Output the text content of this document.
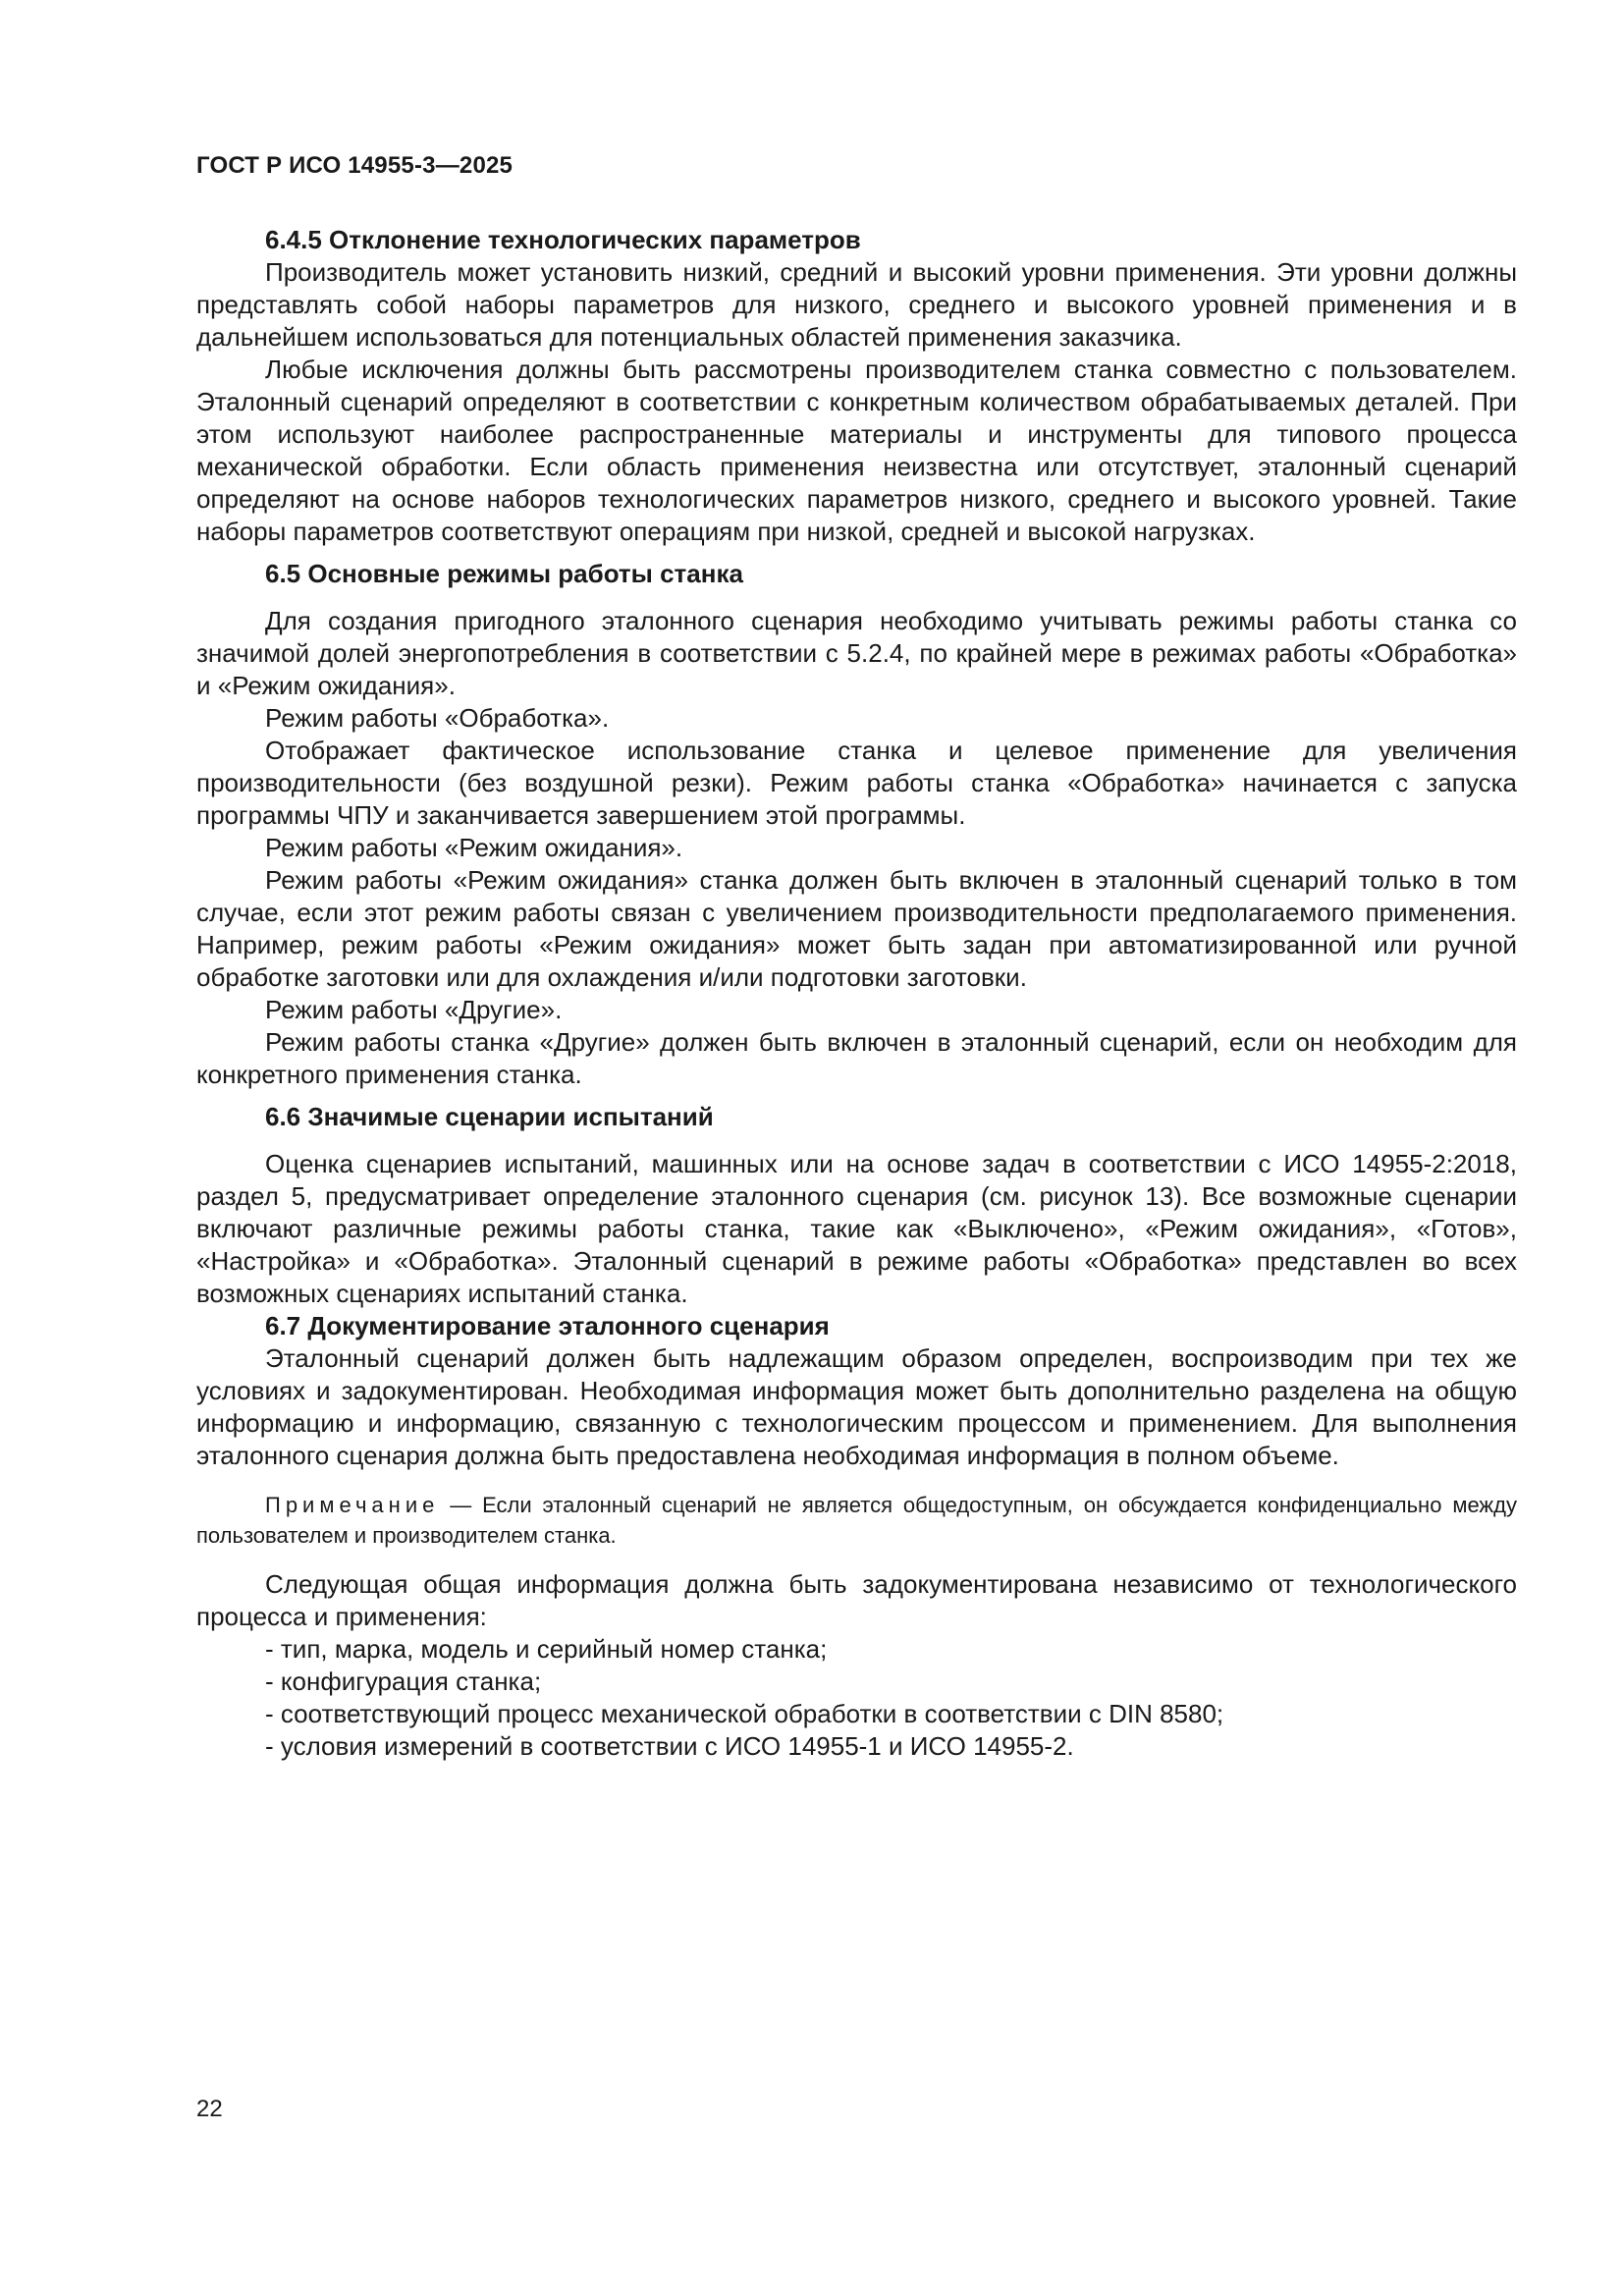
ГОСТ Р ИСО 14955-3—2025

6.4.5 Отклонение технологических параметров

Производитель может установить низкий, средний и высокий уровни применения. Эти уровни должны представлять собой наборы параметров для низкого, среднего и высокого уровней применения и в дальнейшем использоваться для потенциальных областей применения заказчика.

Любые исключения должны быть рассмотрены производителем станка совместно с пользователем. Эталонный сценарий определяют в соответствии с конкретным количеством обрабатываемых деталей. При этом используют наиболее распространенные материалы и инструменты для типового процесса механической обработки. Если область применения неизвестна или отсутствует, эталонный сценарий определяют на основе наборов технологических параметров низкого, среднего и высокого уровней. Такие наборы параметров соответствуют операциям при низкой, средней и высокой нагрузках.

6.5 Основные режимы работы станка

Для создания пригодного эталонного сценария необходимо учитывать режимы работы станка со значимой долей энергопотребления в соответствии с 5.2.4, по крайней мере в режимах работы «Обработка» и «Режим ожидания».

Режим работы «Обработка».

Отображает фактическое использование станка и целевое применение для увеличения производительности (без воздушной резки). Режим работы станка «Обработка» начинается с запуска программы ЧПУ и заканчивается завершением этой программы.

Режим работы «Режим ожидания».

Режим работы «Режим ожидания» станка должен быть включен в эталонный сценарий только в том случае, если этот режим работы связан с увеличением производительности предполагаемого применения. Например, режим работы «Режим ожидания» может быть задан при автоматизированной или ручной обработке заготовки или для охлаждения и/или подготовки заготовки.

Режим работы «Другие».

Режим работы станка «Другие» должен быть включен в эталонный сценарий, если он необходим для конкретного применения станка.

6.6 Значимые сценарии испытаний

Оценка сценариев испытаний, машинных или на основе задач в соответствии с ИСО 14955-2:2018, раздел 5, предусматривает определение эталонного сценария (см. рисунок 13). Все возможные сценарии включают различные режимы работы станка, такие как «Выключено», «Режим ожидания», «Готов», «Настройка» и «Обработка». Эталонный сценарий в режиме работы «Обработка» представлен во всех возможных сценариях испытаний станка.

6.7 Документирование эталонного сценария

Эталонный сценарий должен быть надлежащим образом определен, воспроизводим при тех же условиях и задокументирован. Необходимая информация может быть дополнительно разделена на общую информацию и информацию, связанную с технологическим процессом и применением. Для выполнения эталонного сценария должна быть предоставлена необходимая информация в полном объеме.

Примечание — Если эталонный сценарий не является общедоступным, он обсуждается конфиденциально между пользователем и производителем станка.

Следующая общая информация должна быть задокументирована независимо от технологического процесса и применения:

- тип, марка, модель и серийный номер станка;
- конфигурация станка;
- соответствующий процесс механической обработки в соответствии с DIN 8580;
- условия измерений в соответствии с ИСО 14955-1 и ИСО 14955-2.
22
